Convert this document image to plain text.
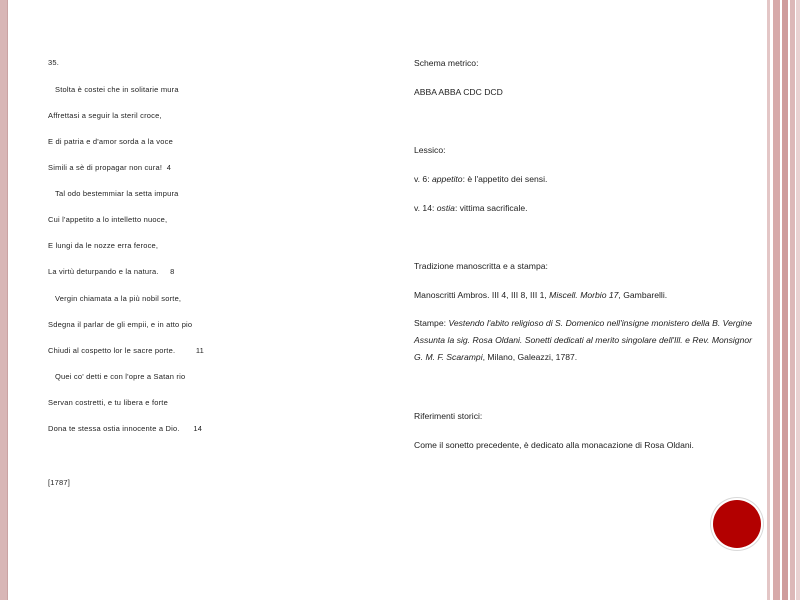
35.
Stolta è costei che in solitarie mura
Affrettasi a seguir la steril croce,
E di patria e d'amor sorda a la voce
Simili a sè di propagar non cura! 4
Tal odo bestemmiar la setta impura
Cui l'appetito a lo intelletto nuoce,
E lungi da le nozze erra feroce,
La virtù deturpando e la natura. 8
Vergin chiamata a la più nobil sorte,
Sdegna il parlar de gli empii, e in atto pio
Chiudi al cospetto lor le sacre porte.	11
Quei co' detti e con l'opre a Satan rio
Servan costretti, e tu libera e forte
Dona te stessa ostia innocente a Dio. 14
[1787]
Schema metrico:
ABBA ABBA CDC DCD
Lessico:
v. 6: appetito: è l'appetito dei sensi.
v. 14: ostia: vittima sacrificale.
Tradizione manoscritta e a stampa:
Manoscritti Ambros. III 4, III 8, III 1, Miscell. Morbio 17, Gambarelli.
Stampe: Vestendo l'abito religioso di S. Domenico nell'insigne monistero della B. Vergine Assunta la sig. Rosa Oldani. Sonetti dedicati al merito singolare dell'Ill. e Rev. Monsignor G. M. F. Scarampi, Milano, Galeazzi, 1787.
Riferimenti storici:
Come il sonetto precedente, è dedicato alla monacazione di Rosa Oldani.
